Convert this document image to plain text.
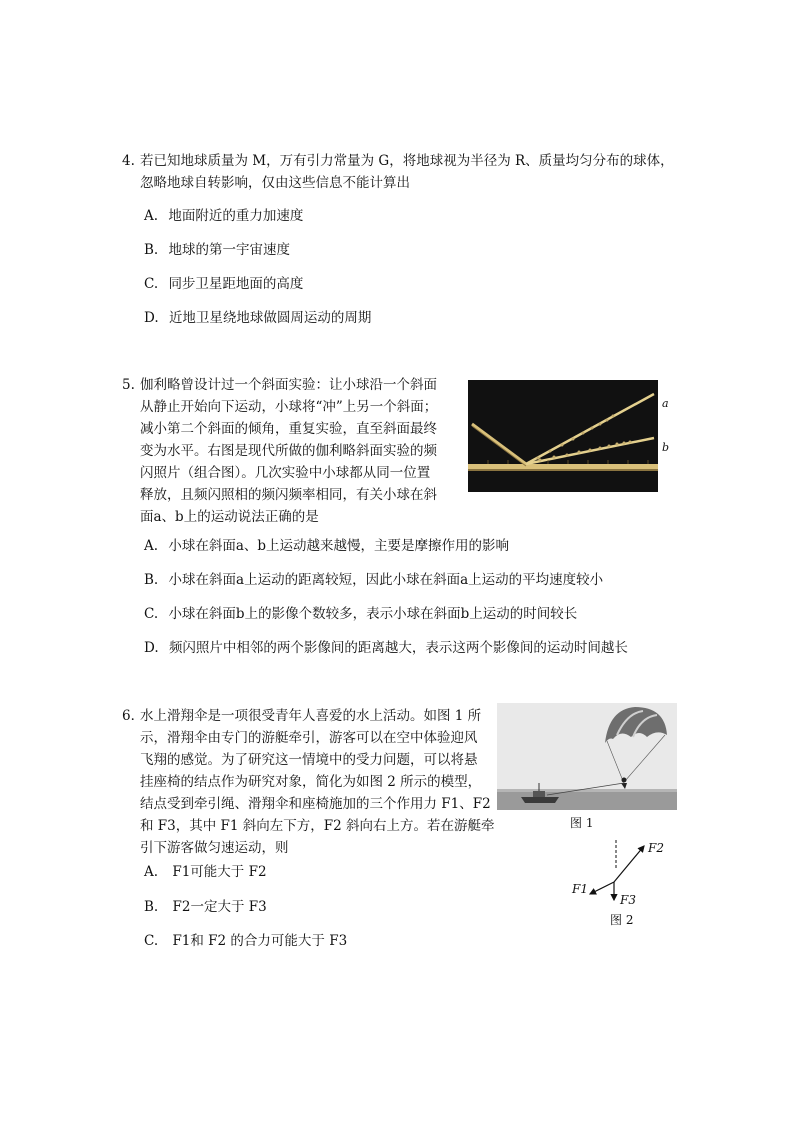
4. 若已知地球质量为 M，万有引力常量为 G，将地球视为半径为 R、质量均匀分布的球体，
忽略地球自转影响，仅由这些信息不能计算出
A. 地面附近的重力加速度
B. 地球的第一宇宙速度
C. 同步卫星距地面的高度
D. 近地卫星绕地球做圆周运动的周期
5. 伽利略曾设计过一个斜面实验：让小球沿一个斜面
从静止开始向下运动，小球将“冲”上另一个斜面；
减小第二个斜面的倾角，重复实验，直至斜面最终
变为水平。右图是现代所做的伽利略斜面实验的频
闪照片（组合图）。几次实验中小球都从同一位置
释放，且频闪照相的频闪频率相同，有关小球在斜
面a、b上的运动说法正确的是
a
b
A. 小球在斜面a、b上运动越来越慢，主要是摩擦作用的影响
B. 小球在斜面a上运动的距离较短，因此小球在斜面a上运动的平均速度较小
C. 小球在斜面b上的影像个数较多，表示小球在斜面b上运动的时间较长
D. 频闪照片中相邻的两个影像间的距离越大，表示这两个影像间的运动时间越长
6．
水上滑翔伞是一项很受青年人喜爱的水上活动。如图 1 所
示，滑翔伞由专门的游艇牵引，游客可以在空中体验迎风
飞翔的感觉。为了研究这一情境中的受力问题，可以将悬
挂座椅的结点作为研究对象，简化为如图 2 所示的模型，
结点受到牵引绳、滑翔伞和座椅施加的三个作用力 F1、F2
和 F3，其中 F1 斜向左下方，F2 斜向右上方。若在游艇牵
引下游客做匀速运动，则
图 1
F2
F1
F3
图 2
A. F1可能大于 F2
B. F2一定大于 F3
C. F1和 F2 的合力可能大于 F3
